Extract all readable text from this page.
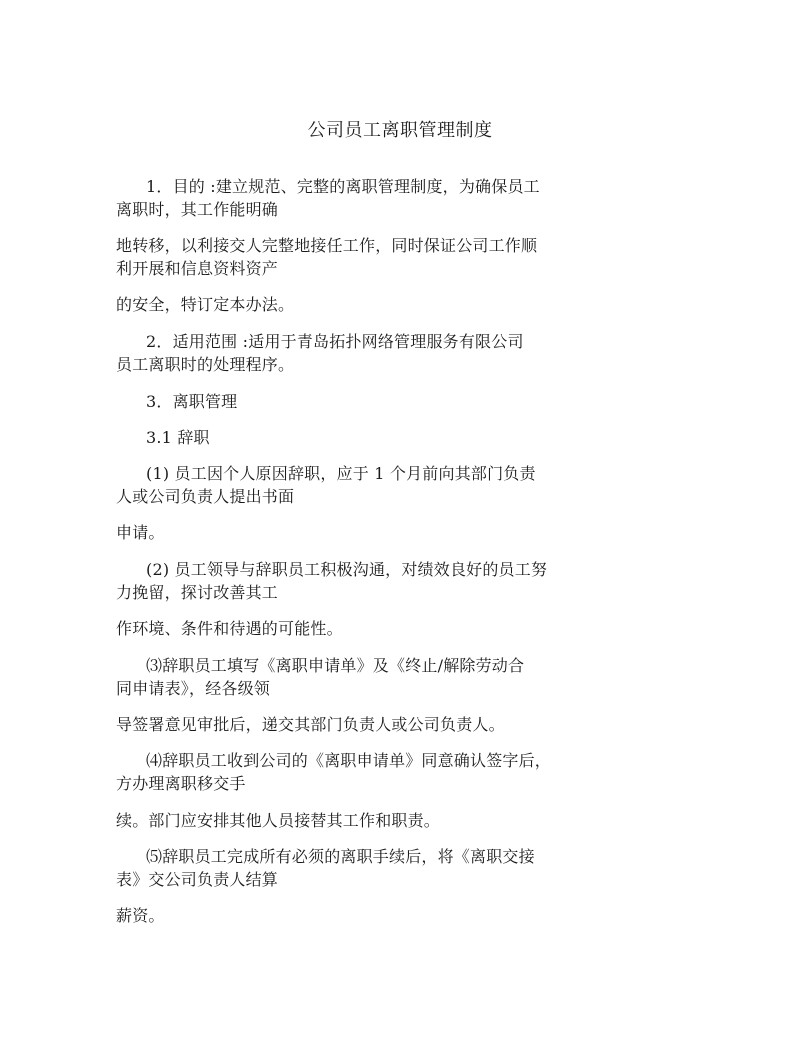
公司员工离职管理制度
1．目的 :建立规范、完整的离职管理制度，为确保员工
离职时，其工作能明确
地转移，以利接交人完整地接任工作，同时保证公司工作顺
利开展和信息资料资产
的安全，特订定本办法。
2．适用范围 :适用于青岛拓扑网络管理服务有限公司
员工离职时的处理程序。
3．离职管理
3.1 辞职
(1) 员工因个人原因辞职，应于 1 个月前向其部门负责
人或公司负责人提出书面
申请。
(2) 员工领导与辞职员工积极沟通，对绩效良好的员工努
力挽留，探讨改善其工
作环境、条件和待遇的可能性。
⑶辞职员工填写《离职申请单》及《终止/解除劳动合
同申请表》，经各级领
导签署意见审批后，递交其部门负责人或公司负责人。
⑷辞职员工收到公司的《离职申请单》同意确认签字后，
方办理离职移交手
续。部门应安排其他人员接替其工作和职责。
⑸辞职员工完成所有必须的离职手续后，将《离职交接
表》交公司负责人结算
薪资。
